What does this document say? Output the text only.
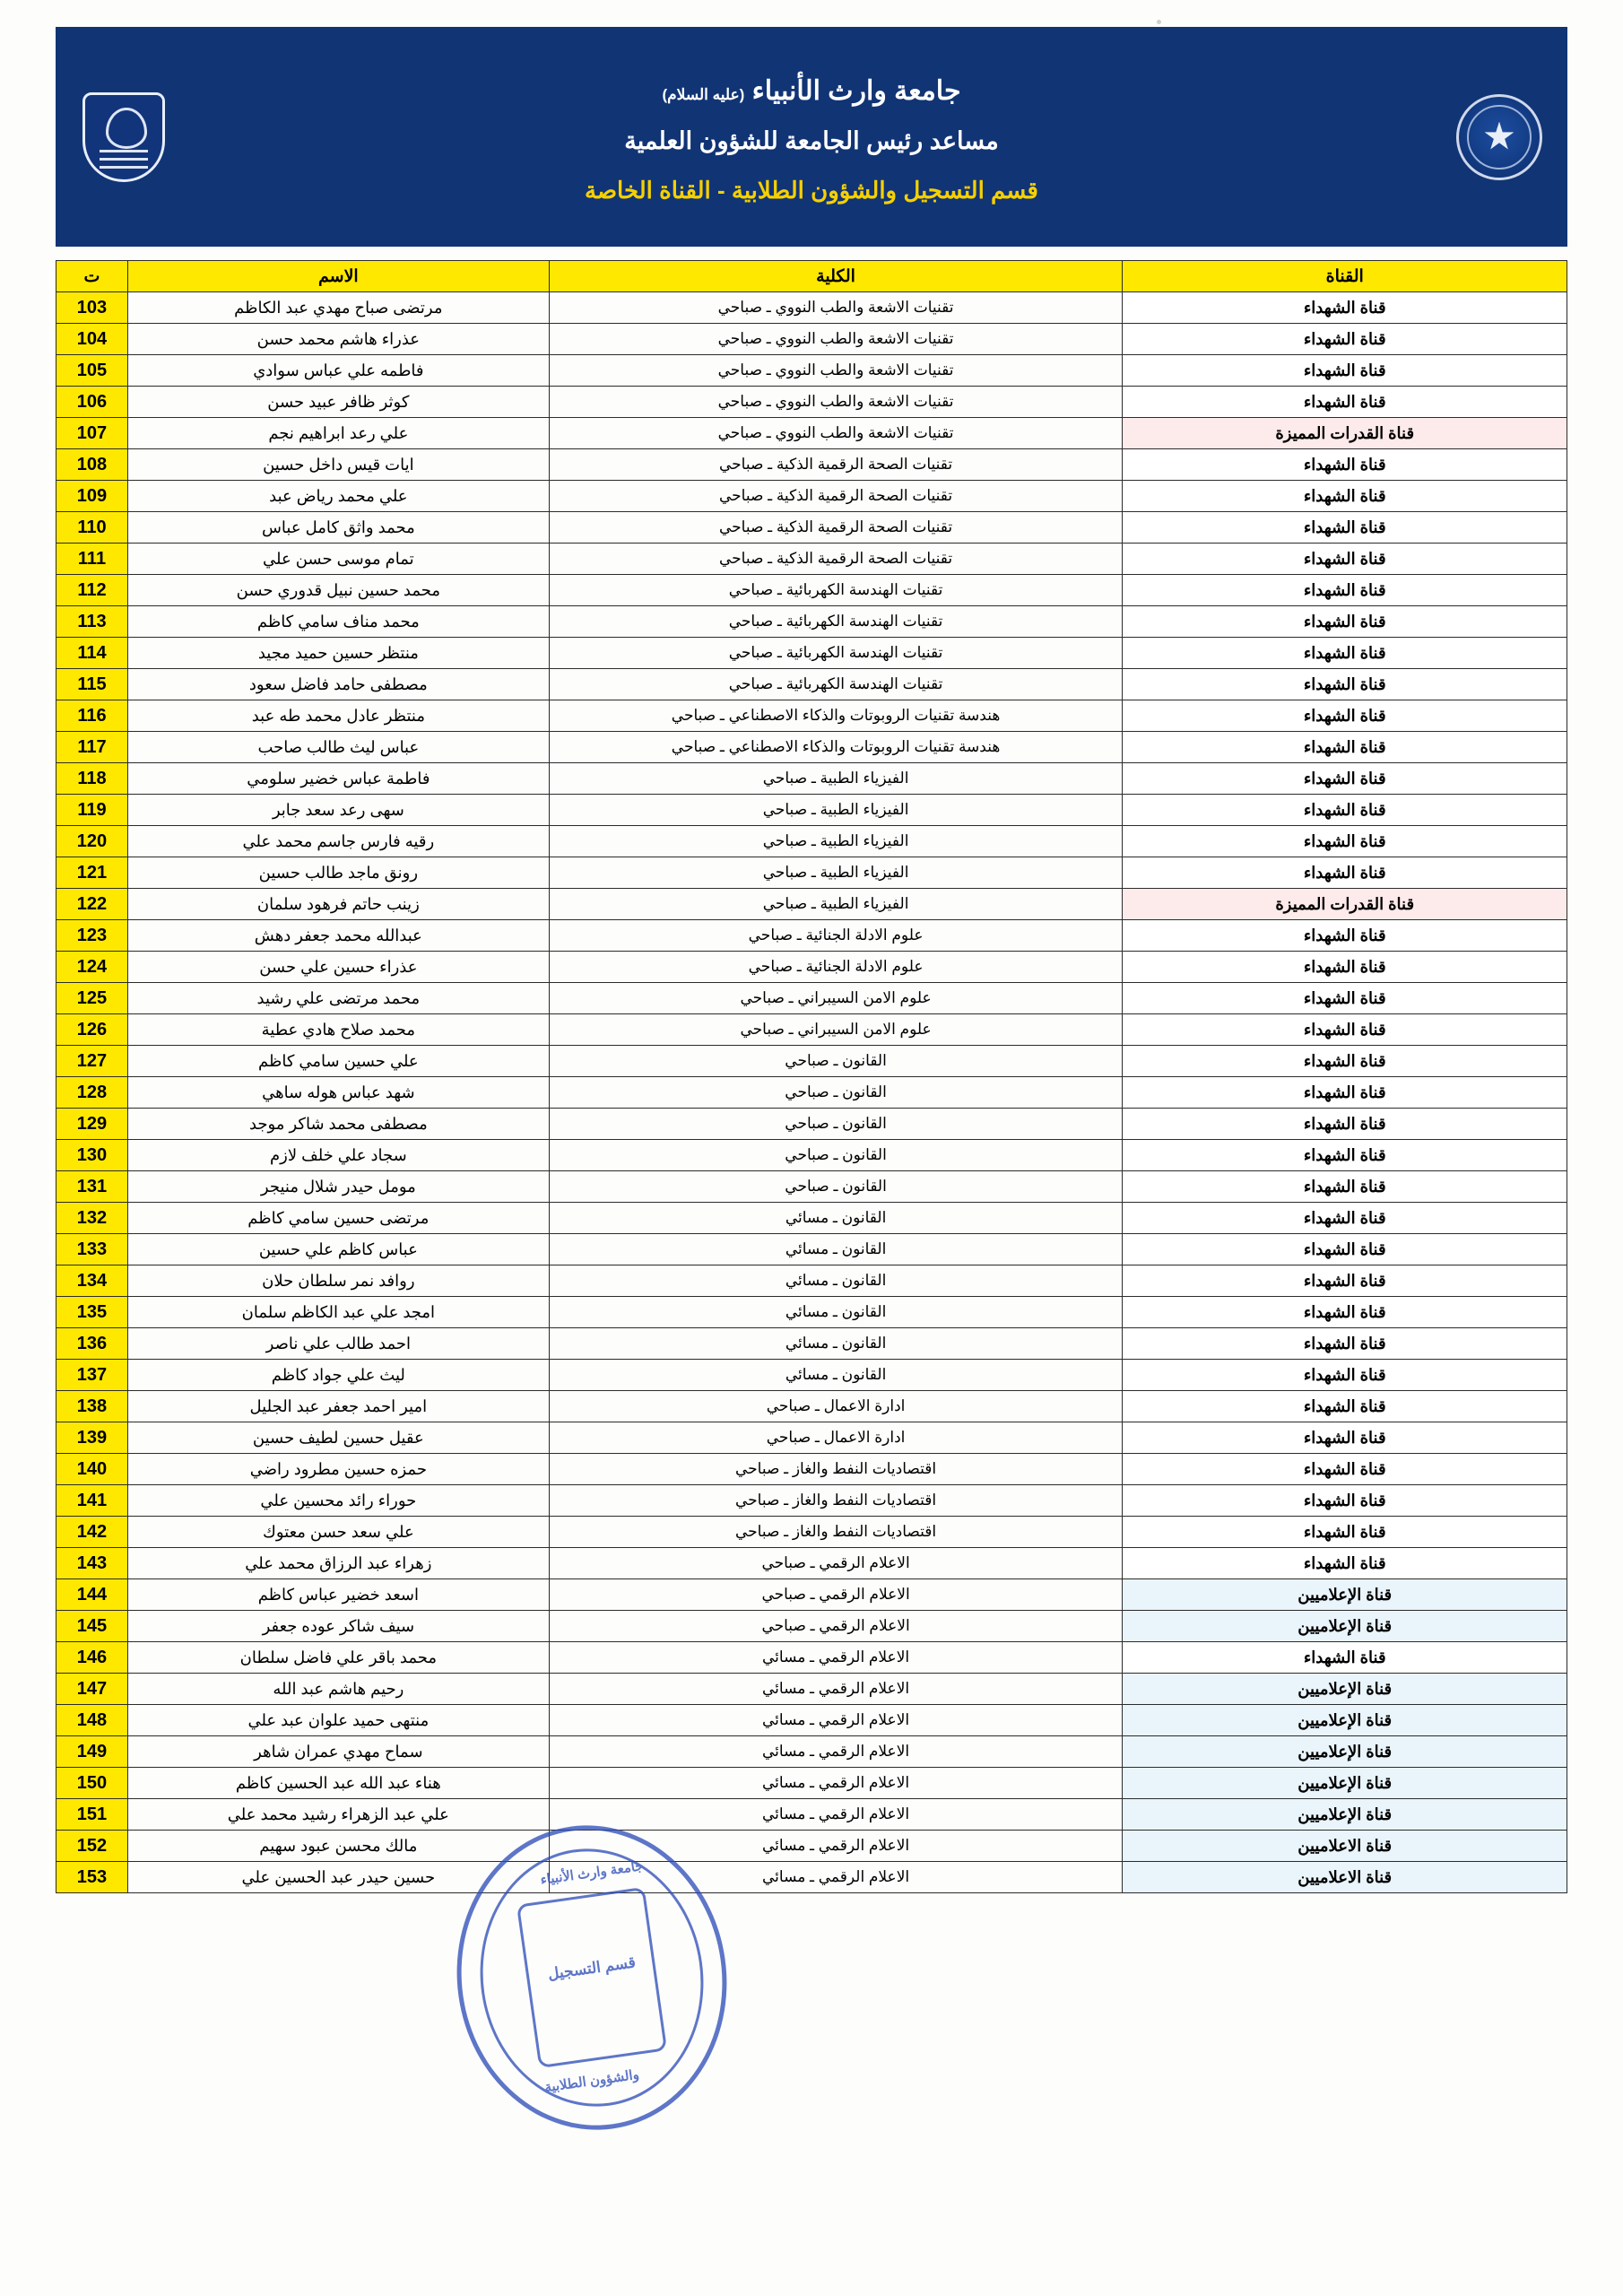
جامعة وارث الأنبياء (عليه السلام)
مساعد رئيس الجامعة للشؤون العلمية
قسم التسجيل والشؤون الطلابية - القناة الخاصة
القناة	الكلية	الاسم	ت
قناة الشهداء	تقنيات الاشعة والطب النووي ـ صباحي	مرتضى صباح مهدي عبد الكاظم	103
قناة الشهداء	تقنيات الاشعة والطب النووي ـ صباحي	عذراء هاشم محمد حسن	104
قناة الشهداء	تقنيات الاشعة والطب النووي ـ صباحي	فاطمه علي عباس سوادي	105
قناة الشهداء	تقنيات الاشعة والطب النووي ـ صباحي	كوثر ظافر عبيد حسن	106
قناة القدرات المميزة	تقنيات الاشعة والطب النووي ـ صباحي	علي رعد ابراهيم نجم	107
قناة الشهداء	تقنيات الصحة الرقمية الذكية ـ صباحي	ايات قيس داخل حسين	108
قناة الشهداء	تقنيات الصحة الرقمية الذكية ـ صباحي	علي محمد رياض عبد	109
قناة الشهداء	تقنيات الصحة الرقمية الذكية ـ صباحي	محمد واثق كامل عباس	110
قناة الشهداء	تقنيات الصحة الرقمية الذكية ـ صباحي	تمام موسى حسن علي	111
قناة الشهداء	تقنيات الهندسة الكهربائية ـ صباحي	محمد حسين نبيل قدوري حسن	112
قناة الشهداء	تقنيات الهندسة الكهربائية ـ صباحي	محمد مناف سامي كاظم	113
قناة الشهداء	تقنيات الهندسة الكهربائية ـ صباحي	منتظر حسين حميد مجيد	114
قناة الشهداء	تقنيات الهندسة الكهربائية ـ صباحي	مصطفى حامد فاضل سعود	115
قناة الشهداء	هندسة تقنيات الروبوتات والذكاء الاصطناعي ـ صباحي	منتظر عادل محمد طه عبد	116
قناة الشهداء	هندسة تقنيات الروبوتات والذكاء الاصطناعي ـ صباحي	عباس ليث طالب صاحب	117
قناة الشهداء	الفيزياء الطبية ـ صباحي	فاطمة عباس خضير سلومي	118
قناة الشهداء	الفيزياء الطبية ـ صباحي	سهى رعد سعد جابر	119
قناة الشهداء	الفيزياء الطبية ـ صباحي	رقيه فارس جاسم محمد علي	120
قناة الشهداء	الفيزياء الطبية ـ صباحي	رونق ماجد طالب حسين	121
قناة القدرات المميزة	الفيزياء الطبية ـ صباحي	زينب حاتم فرهود سلمان	122
قناة الشهداء	علوم الادلة الجنائية ـ صباحي	عبدالله محمد جعفر دهش	123
قناة الشهداء	علوم الادلة الجنائية ـ صباحي	عذراء حسين علي حسن	124
قناة الشهداء	علوم الامن السيبراني ـ صباحي	محمد مرتضى علي رشيد	125
قناة الشهداء	علوم الامن السيبراني ـ صباحي	محمد صلاح هادي عطية	126
قناة الشهداء	القانون ـ صباحي	علي حسين سامي كاظم	127
قناة الشهداء	القانون ـ صباحي	شهد عباس هوله ساهي	128
قناة الشهداء	القانون ـ صباحي	مصطفى محمد شاكر موجد	129
قناة الشهداء	القانون ـ صباحي	سجاد علي خلف لازم	130
قناة الشهداء	القانون ـ صباحي	مومل حيدر شلال منيجر	131
قناة الشهداء	القانون ـ مسائي	مرتضى حسين سامي كاظم	132
قناة الشهداء	القانون ـ مسائي	عباس كاظم علي حسين	133
قناة الشهداء	القانون ـ مسائي	روافد نمر سلطان حلان	134
قناة الشهداء	القانون ـ مسائي	امجد علي عبد الكاظم سلمان	135
قناة الشهداء	القانون ـ مسائي	احمد طالب علي ناصر	136
قناة الشهداء	القانون ـ مسائي	ليث علي جواد كاظم	137
قناة الشهداء	ادارة الاعمال ـ صباحي	امير احمد جعفر عبد الجليل	138
قناة الشهداء	ادارة الاعمال ـ صباحي	عقيل حسين لطيف حسين	139
قناة الشهداء	اقتصاديات النفط والغاز ـ صباحي	حمزه حسين مطرود راضي	140
قناة الشهداء	اقتصاديات النفط والغاز ـ صباحي	حوراء رائد محسين علي	141
قناة الشهداء	اقتصاديات النفط والغاز ـ صباحي	علي سعد حسن معتوك	142
قناة الشهداء	الاعلام الرقمي ـ صباحي	زهراء عبد الرزاق محمد علي	143
قناة الإعلاميين	الاعلام الرقمي ـ صباحي	اسعد خضير عباس كاظم	144
قناة الإعلاميين	الاعلام الرقمي ـ صباحي	سيف شاكر عوده جعفر	145
قناة الشهداء	الاعلام الرقمي ـ مسائي	محمد باقر علي فاضل سلطان	146
قناة الإعلاميين	الاعلام الرقمي ـ مسائي	رحيم هاشم عبد الله	147
قناة الإعلاميين	الاعلام الرقمي ـ مسائي	منتهى حميد علوان عبد علي	148
قناة الإعلاميين	الاعلام الرقمي ـ مسائي	سماح مهدي عمران شاهر	149
قناة الإعلاميين	الاعلام الرقمي ـ مسائي	هناء عبد الله عبد الحسين كاظم	150
قناة الإعلاميين	الاعلام الرقمي ـ مسائي	علي عبد الزهراء رشيد محمد علي	151
قناة الاعلاميين	الاعلام الرقمي ـ مسائي	مالك محسن عبود سهيم	152
قناة الاعلاميين	الاعلام الرقمي ـ مسائي	حسين حيدر عبد الحسين علي	153	جامعة وارث الأنبياء
قسم التسجيل
والشؤون الطلابية
